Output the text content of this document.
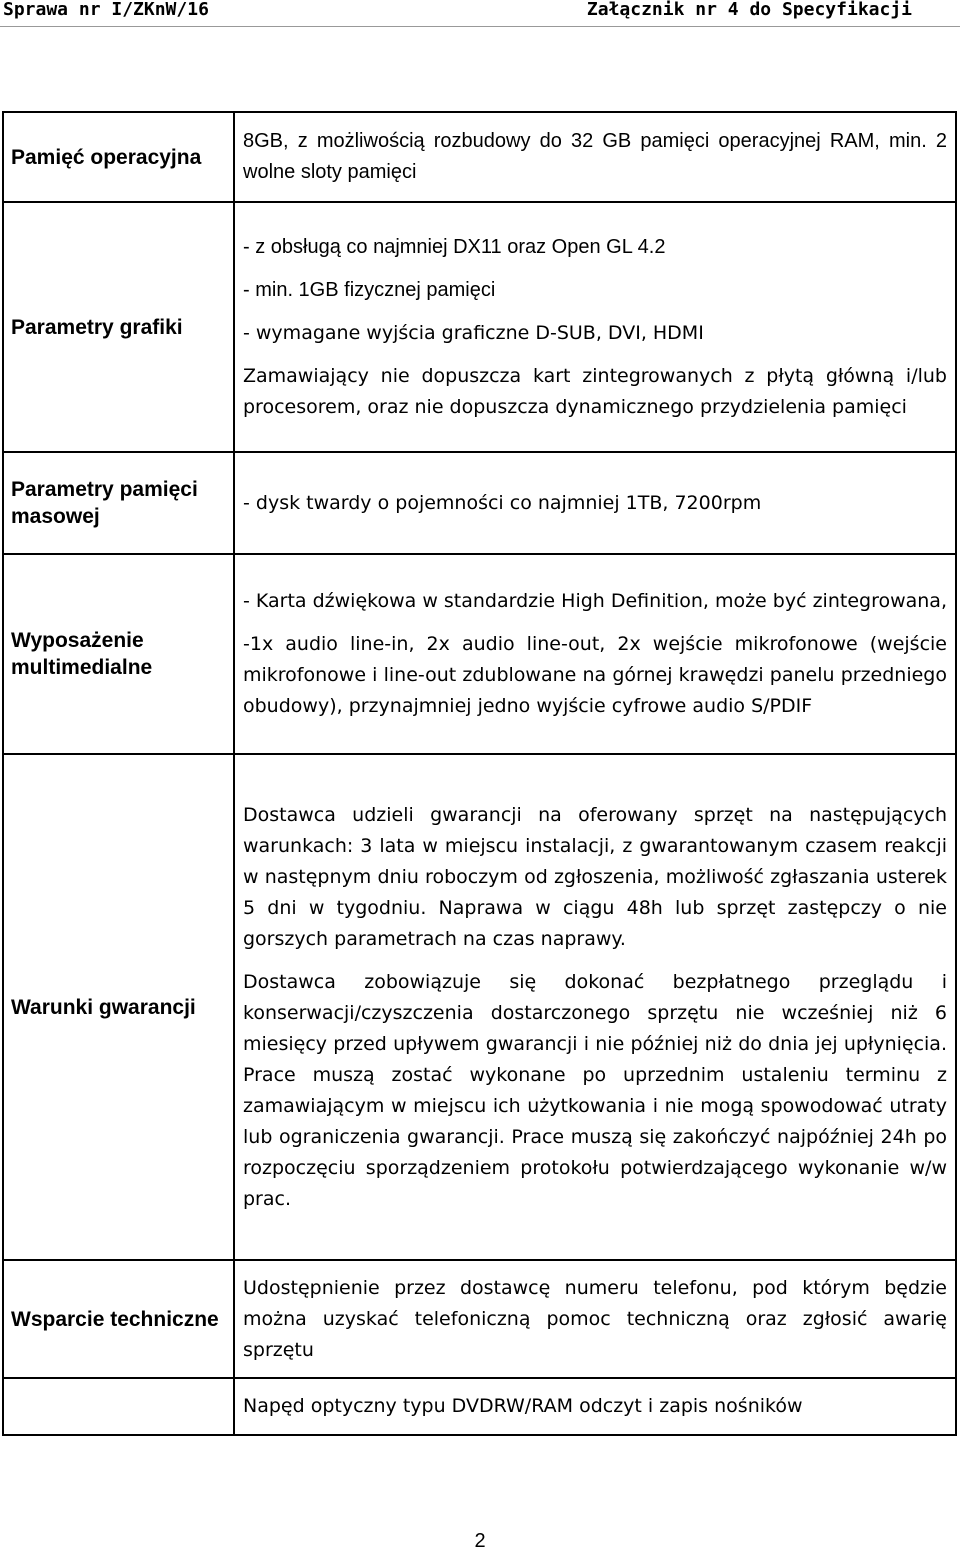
Sprawa nr I/ZKnW/16	Załącznik nr 4 do Specyfikacji
Pamięć operacyjna	8GB, z możliwością rozbudowy do 32 GB pamięci operacyjnej RAM, min. 2 wolne sloty pamięci
Parametry grafiki	- z obsługą co najmniej DX11 oraz Open GL 4.2

- min. 1GB fizycznej pamięci

- wymagane wyjścia graficzne D-SUB, DVI, HDMI

Zamawiający nie dopuszcza kart zintegrowanych z płytą główną i/lub procesorem, oraz nie dopuszcza dynamicznego przydzielenia pamięci

Parametry pamięci masowej	- dysk twardy o pojemności co najmniej 1TB, 7200rpm
Wyposażenie multimedialne	- Karta dźwiękowa w standardzie High Definition, może być zintegrowana,

-1x audio line-in, 2x audio line-out, 2x wejście mikrofonowe (wejście mikrofonowe i line-out zdublowane na górnej krawędzi panelu przedniego obudowy), przynajmniej jedno wyjście cyfrowe audio S/PDIF

Warunki gwarancji	Dostawca udzieli gwarancji na oferowany sprzęt na następujących warunkach: 3 lata w miejscu instalacji, z gwarantowanym czasem reakcji w następnym dniu roboczym od zgłoszenia, możliwość zgłaszania usterek 5 dni w tygodniu. Naprawa w ciągu 48h lub sprzęt zastępczy o nie gorszych parametrach na czas naprawy.

Dostawca zobowiązuje się dokonać bezpłatnego przeglądu i konserwacji/czyszczenia dostarczonego sprzętu nie wcześniej niż 6 miesięcy przed upływem gwarancji i nie później niż do dnia jej upłynięcia. Prace muszą zostać wykonane po uprzednim ustaleniu terminu z zamawiającym w miejscu ich użytkowania i nie mogą spowodować utraty lub ograniczenia gwarancji. Prace muszą się zakończyć najpóźniej 24h po rozpoczęciu sporządzeniem protokołu potwierdzającego wykonanie w/w prac.

Wsparcie techniczne	Udostępnienie przez dostawcę numeru telefonu, pod którym będzie można uzyskać telefoniczną pomoc techniczną oraz zgłosić awarię sprzętu
	Napęd optyczny typu DVDRW/RAM odczyt i zapis nośników
2
